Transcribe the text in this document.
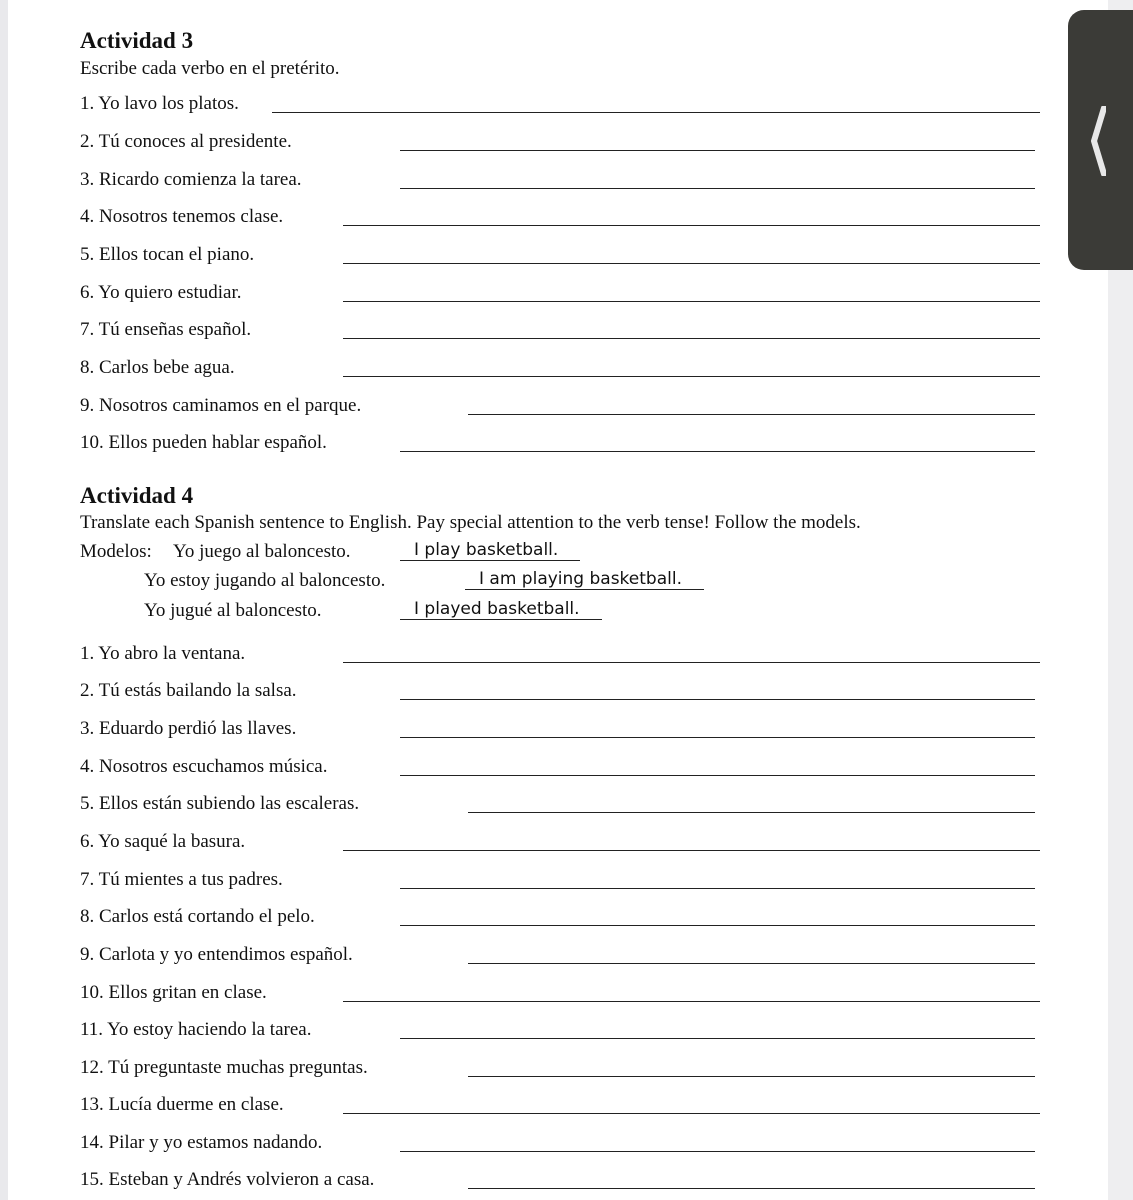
Actividad 3
Escribe cada verbo en el pretérito.
1. Yo lavo los platos.
2. Tú conoces al presidente.
3. Ricardo comienza la tarea.
4. Nosotros tenemos clase.
5. Ellos tocan el piano.
6. Yo quiero estudiar.
7. Tú enseñas español.
8. Carlos bebe agua.
9. Nosotros caminamos en el parque.
10. Ellos pueden hablar español.
Actividad 4
Translate each Spanish sentence to English. Pay special attention to the verb tense! Follow the models.
Modelos: Yo juego al baloncesto.	I play basketball.
Yo estoy jugando al baloncesto.	I am playing basketball.
Yo jugué al baloncesto.	I played basketball.
1. Yo abro la ventana.
2. Tú estás bailando la salsa.
3. Eduardo perdió las llaves.
4. Nosotros escuchamos música.
5. Ellos están subiendo las escaleras.
6. Yo saqué la basura.
7. Tú mientes a tus padres.
8. Carlos está cortando el pelo.
9. Carlota y yo entendimos español.
10. Ellos gritan en clase.
11. Yo estoy haciendo la tarea.
12. Tú preguntaste muchas preguntas.
13. Lucía duerme en clase.
14. Pilar y yo estamos nadando.
15. Esteban y Andrés volvieron a casa.
